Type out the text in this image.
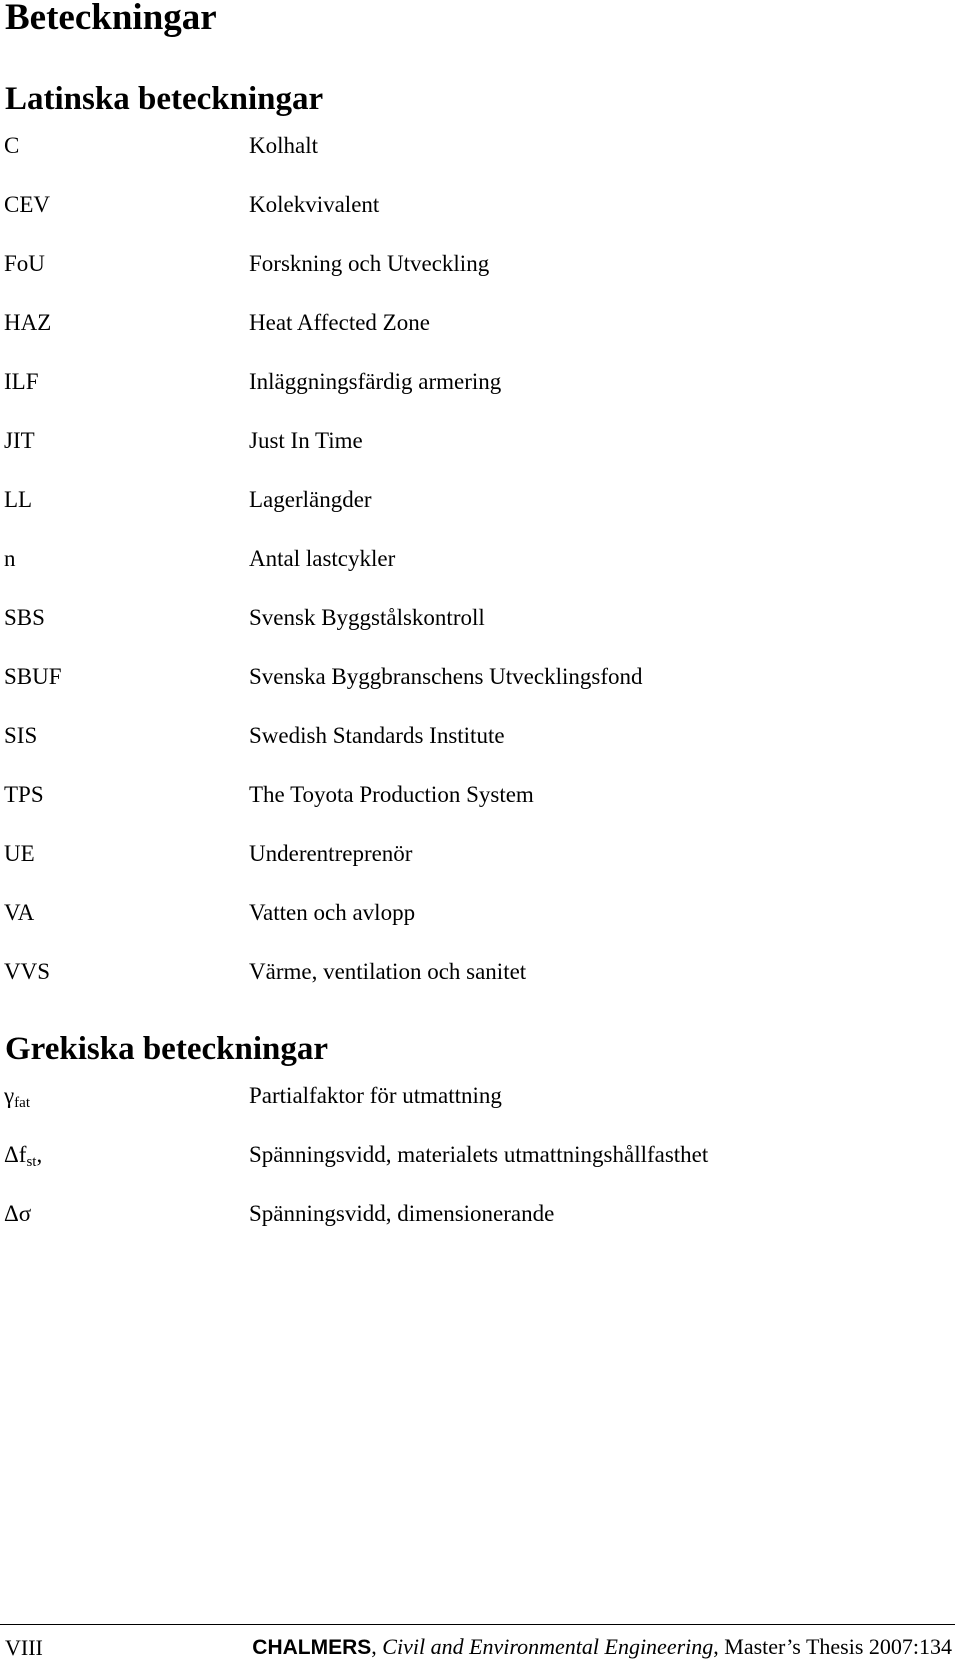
Beteckningar
Latinska beteckningar
C	Kolhalt
CEV	Kolekvivalent
FoU	Forskning och Utveckling
HAZ	Heat Affected Zone
ILF	Inläggningsfärdig armering
JIT	Just In Time
LL	Lagerlängder
n	Antal lastcykler
SBS	Svensk Byggstålskontroll
SBUF	Svenska Byggbranschens Utvecklingsfond
SIS	Swedish Standards Institute
TPS	The Toyota Production System
UE	Underentreprenör
VA	Vatten och avlopp
VVS	Värme, ventilation och sanitet
Grekiska beteckningar
$\gamma_{fat}$	Partialfaktor för utmattning
$\Delta f_{st}$,	Spänningsvidd, materialets utmattningshållfasthet
Δσ	Spänningsvidd, dimensionerande
VIII	CHALMERS, Civil and Environmental Engineering, Master’s Thesis 2007:134
